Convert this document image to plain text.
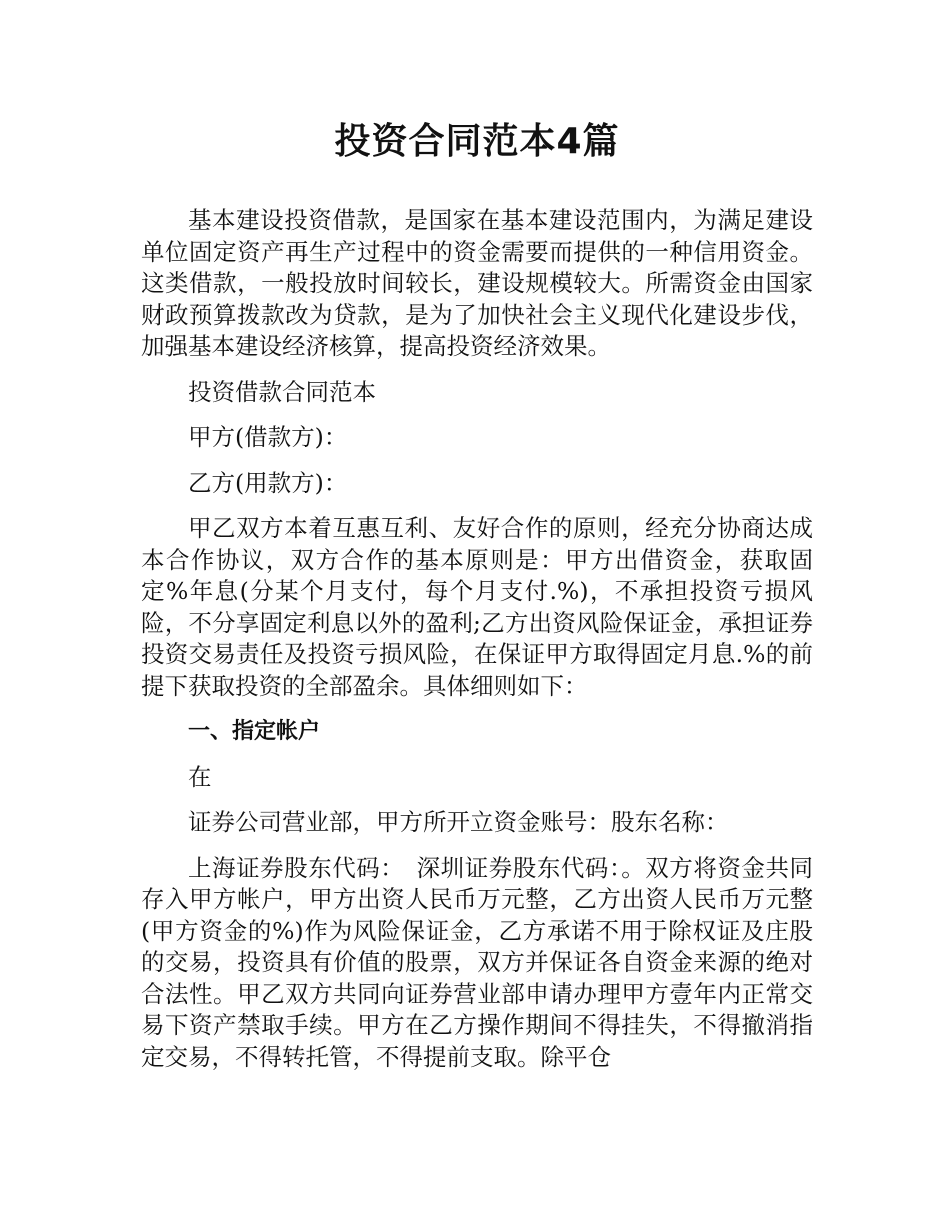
投资合同范本4篇

基本建设投资借款，是国家在基本建设范围内，为满足建设单位固定资产再生产过程中的资金需要而提供的一种信用资金。这类借款，一般投放时间较长，建设规模较大。所需资金由国家财政预算拨款改为贷款，是为了加快社会主义现代化建设步伐，加强基本建设经济核算，提高投资经济效果。

投资借款合同范本

甲方(借款方)：

乙方(用款方)：

甲乙双方本着互惠互利、友好合作的原则，经充分协商达成本合作协议，双方合作的基本原则是：甲方出借资金，获取固定%年息(分某个月支付，每个月支付.%)，不承担投资亏损风险，不分享固定利息以外的盈利;乙方出资风险保证金，承担证券投资交易责任及投资亏损风险，在保证甲方取得固定月息.%的前提下获取投资的全部盈余。具体细则如下：

一、指定帐户

在

证券公司营业部，甲方所开立资金账号：股东名称：

上海证券股东代码：　深圳证券股东代码：。双方将资金共同存入甲方帐户，甲方出资人民币万元整，乙方出资人民币万元整(甲方资金的%)作为风险保证金，乙方承诺不用于除权证及庄股的交易，投资具有价值的股票，双方并保证各自资金来源的绝对合法性。甲乙双方共同向证券营业部申请办理甲方壹年内正常交易下资产禁取手续。甲方在乙方操作期间不得挂失，不得撤消指定交易，不得转托管，不得提前支取。除平仓
